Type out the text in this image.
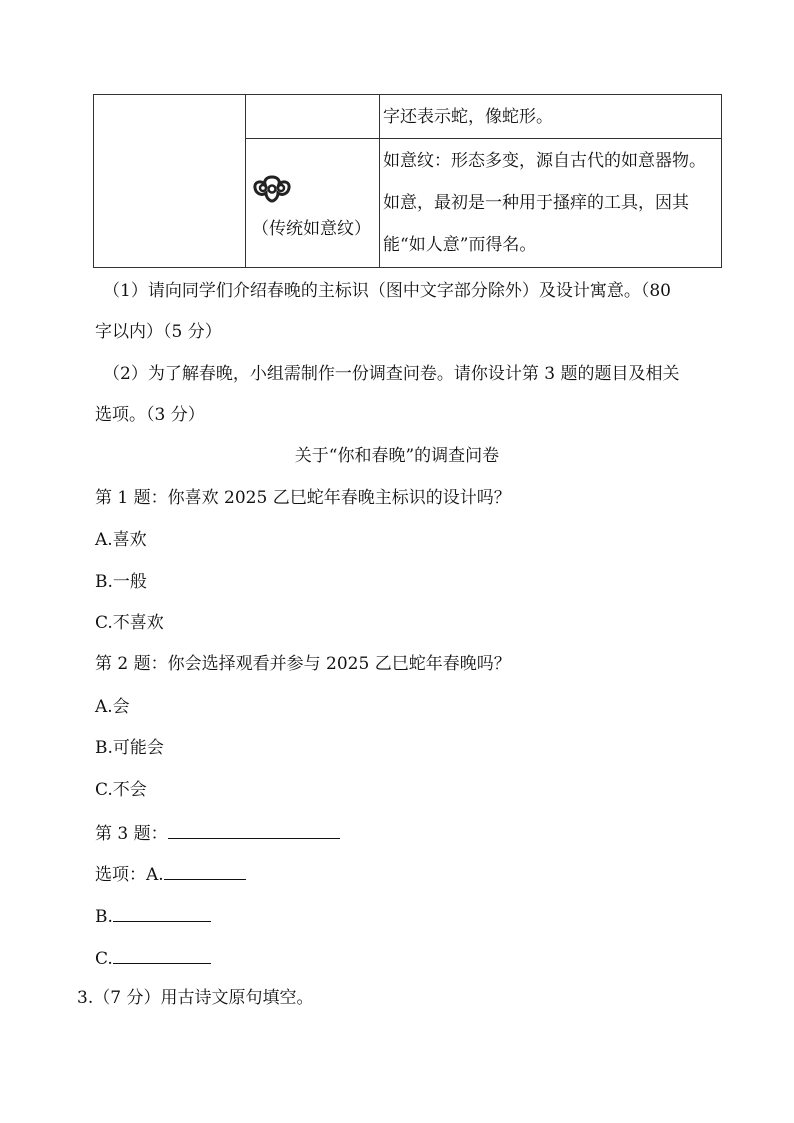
		字还表示蛇，像蛇形。

	（传统如意纹）	如意纹：形态多变，源自古代的如意器物。
如意，最初是一种用于搔痒的工具，因其
能“如人意”而得名。
（1）请向同学们介绍春晚的主标识（图中文字部分除外）及设计寓意。（80
字以内）（5 分）
（2）为了解春晚，小组需制作一份调查问卷。请你设计第 3 题的题目及相关
选项。（3 分）
关于“你和春晚”的调查问卷
第 1 题：你喜欢 2025 乙巳蛇年春晚主标识的设计吗？
A.喜欢
B.一般
C.不喜欢
第 2 题：你会选择观看并参与 2025 乙巳蛇年春晚吗？
A.会
B.可能会
C.不会
第 3 题：
选项：A.
B.
C.
3.（7 分）用古诗文原句填空。
